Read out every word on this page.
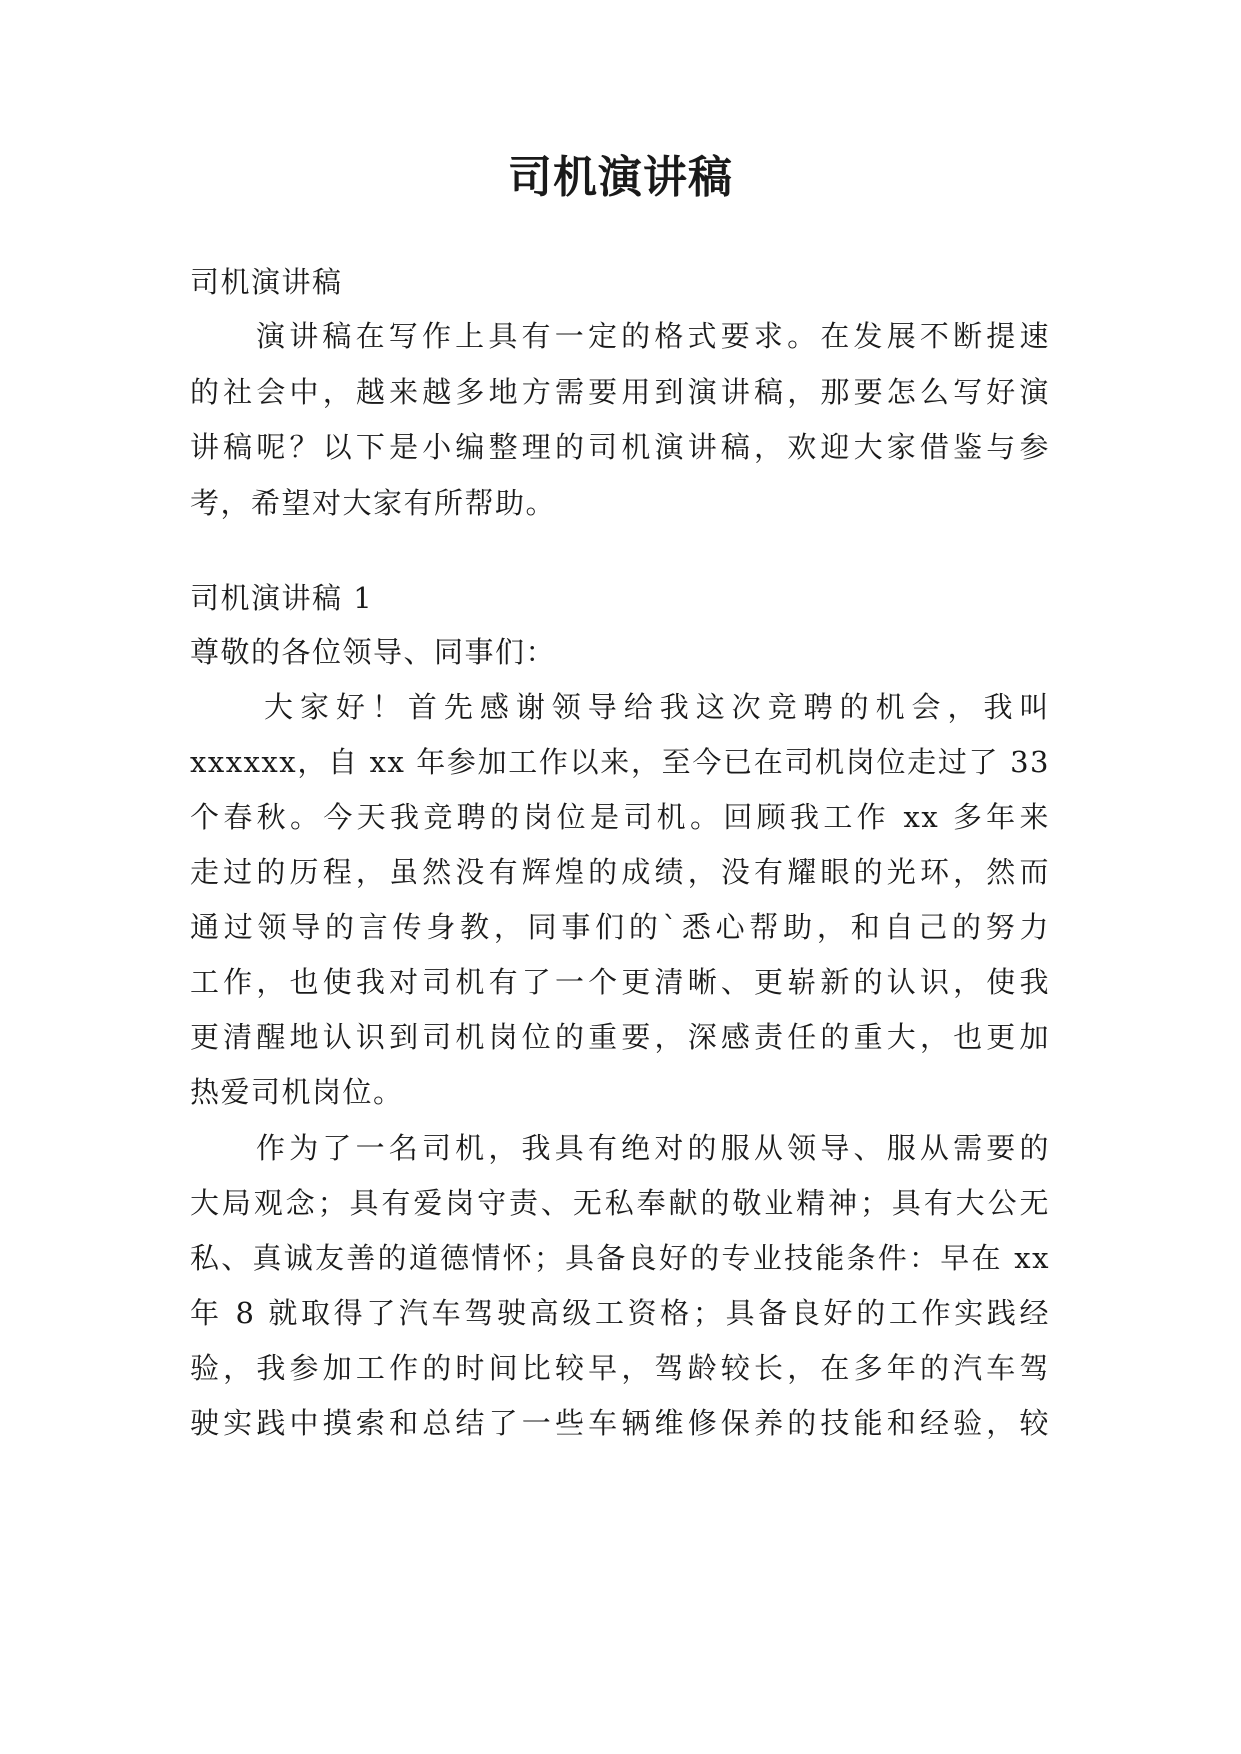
司机演讲稿
司机演讲稿
演讲稿在写作上具有一定的格式要求。在发展不断提速
的社会中，越来越多地方需要用到演讲稿，那要怎么写好演
讲稿呢？以下是小编整理的司机演讲稿，欢迎大家借鉴与参
考，希望对大家有所帮助。
司机演讲稿 1
尊敬的各位领导、同事们：
大家好！首先感谢领导给我这次竞聘的机会，我叫
xxxxxx，自 xx 年参加工作以来，至今已在司机岗位走过了 33
个春秋。今天我竞聘的岗位是司机。回顾我工作 xx 多年来
走过的历程，虽然没有辉煌的成绩，没有耀眼的光环，然而
通过领导的言传身教，同事们的`悉心帮助，和自己的努力
工作，也使我对司机有了一个更清晰、更崭新的认识，使我
更清醒地认识到司机岗位的重要，深感责任的重大，也更加
热爱司机岗位。
作为了一名司机，我具有绝对的服从领导、服从需要的
大局观念；具有爱岗守责、无私奉献的敬业精神；具有大公无
私、真诚友善的道德情怀；具备良好的专业技能条件：早在 xx
年 8 就取得了汽车驾驶高级工资格；具备良好的工作实践经
验，我参加工作的时间比较早，驾龄较长，在多年的汽车驾
驶实践中摸索和总结了一些车辆维修保养的技能和经验，较
